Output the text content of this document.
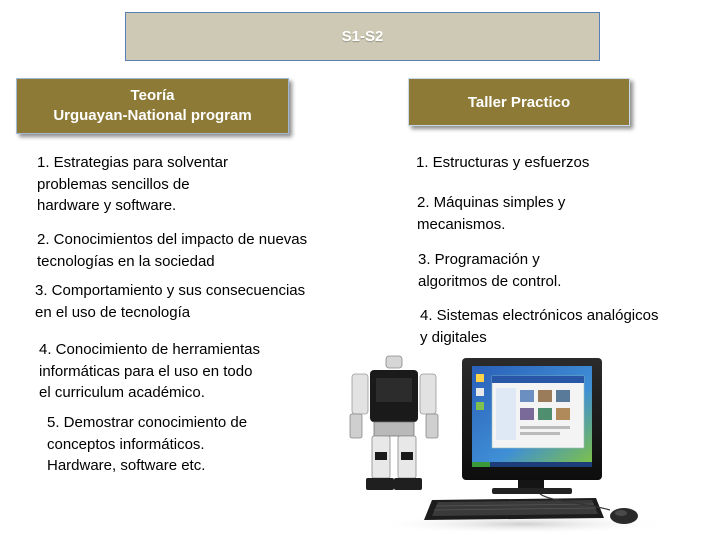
S1-S2
Teoría
Urguayan-National program
Taller Practico

1. Estrategias para solventar
problemas sencillos de
hardware y software.

2. Conocimientos del impacto de nuevas
tecnologías en la sociedad

3. Comportamiento y sus consecuencias
en el uso de tecnología

4. Conocimiento de herramientas
informáticas para el uso en todo
el curriculum académico.

5. Demostrar conocimiento de
conceptos informáticos.
Hardware, software etc.

1. Estructuras y esfuerzos

2. Máquinas simples y
mecanismos.

3. Programación y
algoritmos de control.

4. Sistemas electrónicos analógicos
y digitales
